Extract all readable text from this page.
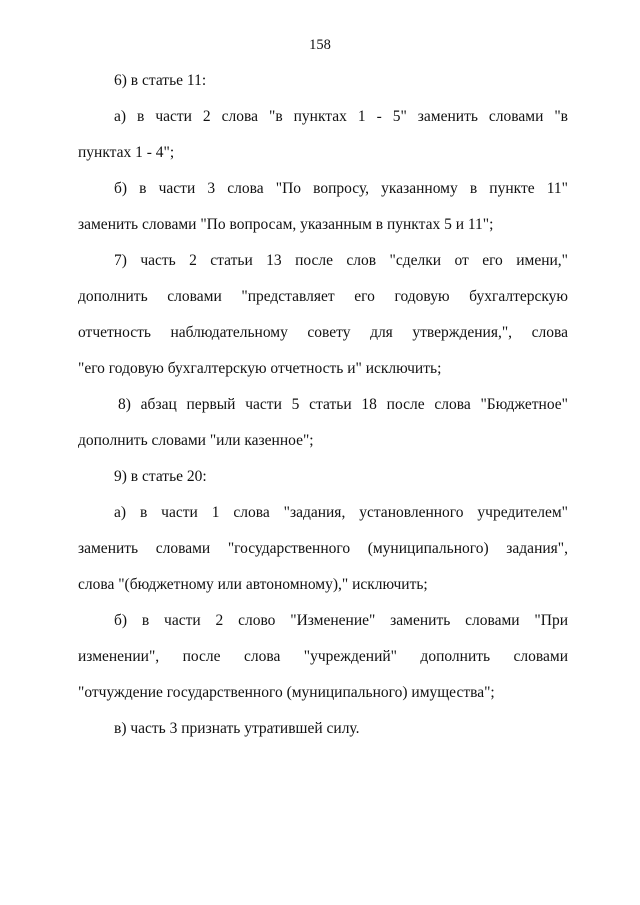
158

6) в статье 11:

а) в части 2 слова "в пунктах 1 - 5" заменить словами "в
пунктах 1 - 4";

б) в части 3 слова "По вопросу, указанному в пункте 11"
заменить словами "По вопросам, указанным в пунктах 5 и 11";

7) часть 2 статьи 13 после слов "сделки от его имени,"
дополнить словами "представляет его годовую бухгалтерскую
отчетность наблюдательному совету для утверждения,", слова
"его годовую бухгалтерскую отчетность и" исключить;

8) абзац первый части 5 статьи 18 после слова "Бюджетное"
дополнить словами "или казенное";

9) в статье 20:

а) в части 1 слова "задания, установленного учредителем"
заменить словами "государственного (муниципального) задания",
слова "(бюджетному или автономному)," исключить;

б) в части 2 слово "Изменение" заменить словами "При
изменении", после слова "учреждений" дополнить словами
"отчуждение государственного (муниципального) имущества";

в) часть 3 признать утратившей силу.
